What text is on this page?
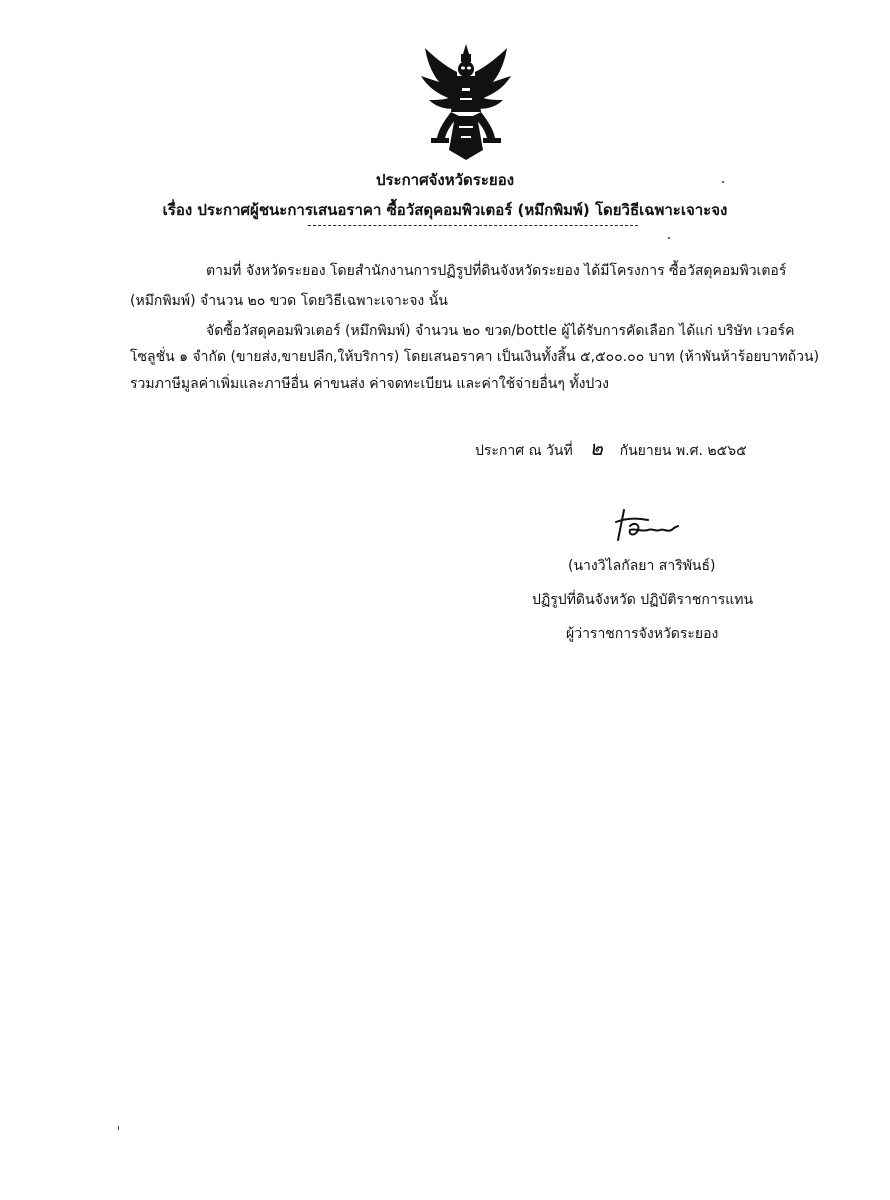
ประกาศจังหวัดระยอง
เรื่อง ประกาศผู้ชนะการเสนอราคา ซื้อวัสดุคอมพิวเตอร์ (หมึกพิมพ์) โดยวิธีเฉพาะเจาะจง
ตามที่ จังหวัดระยอง โดยสำนักงานการปฏิรูปที่ดินจังหวัดระยอง ได้มีโครงการ ซื้อวัสดุคอมพิวเตอร์
(หมึกพิมพ์) จำนวน ๒๐ ขวด โดยวิธีเฉพาะเจาะจง นั้น
จัดซื้อวัสดุคอมพิวเตอร์ (หมึกพิมพ์) จำนวน ๒๐ ขวด/bottle ผู้ได้รับการคัดเลือก ได้แก่ บริษัท เวอร์ค
โซลูชั่น ๑ จำกัด (ขายส่ง,ขายปลีก,ให้บริการ) โดยเสนอราคา เป็นเงินทั้งสิ้น ๕,๕๐๐.๐๐ บาท (ห้าพันห้าร้อยบาทถ้วน)
รวมภาษีมูลค่าเพิ่มและภาษีอื่น ค่าขนส่ง ค่าจดทะเบียน และค่าใช้จ่ายอื่นๆ ทั้งปวง
ประกาศ ณ วันที่ ๒ กันยายน พ.ศ. ๒๕๖๕
(นางวิไลกัลยา สาริพันธ์)
ปฏิรูปที่ดินจังหวัด ปฏิบัติราชการแทน
ผู้ว่าราชการจังหวัดระยอง
